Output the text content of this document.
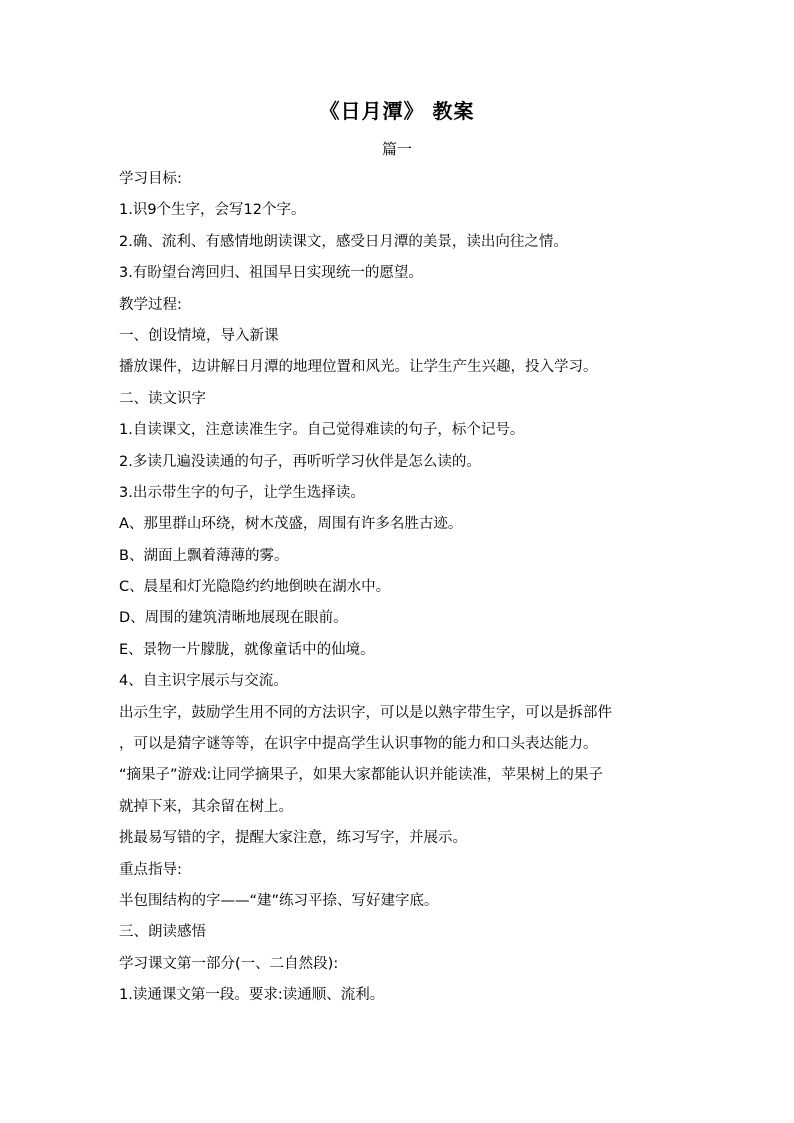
《日月潭》 教案
篇一
学习目标:
1.识9个生字，会写12个字。
2.确、流利、有感情地朗读课文，感受日月潭的美景，读出向往之情。
3.有盼望台湾回归、祖国早日实现统一的愿望。
教学过程:
一、创设情境，导入新课
播放课件，边讲解日月潭的地理位置和风光。让学生产生兴趣，投入学习。
二、读文识字
1.自读课文，注意读准生字。自己觉得难读的句子，标个记号。
2.多读几遍没读通的句子，再听听学习伙伴是怎么读的。
3.出示带生字的句子，让学生选择读。
A、那里群山环绕，树木茂盛，周围有许多名胜古迹。
B、湖面上飘着薄薄的雾。
C、晨星和灯光隐隐约约地倒映在湖水中。
D、周围的建筑清晰地展现在眼前。
E、景物一片朦胧，就像童话中的仙境。
4、自主识字展示与交流。
出示生字，鼓励学生用不同的方法识字，可以是以熟字带生字，可以是拆部件
，可以是猜字谜等等，在识字中提高学生认识事物的能力和口头表达能力。
“摘果子”游戏:让同学摘果子，如果大家都能认识并能读准，苹果树上的果子
就掉下来，其余留在树上。
挑最易写错的字，提醒大家注意，练习写字，并展示。
重点指导:
半包围结构的字——“建”练习平捺、写好建字底。
三、朗读感悟
学习课文第一部分(一、二自然段):
1.读通课文第一段。要求:读通顺、流利。
